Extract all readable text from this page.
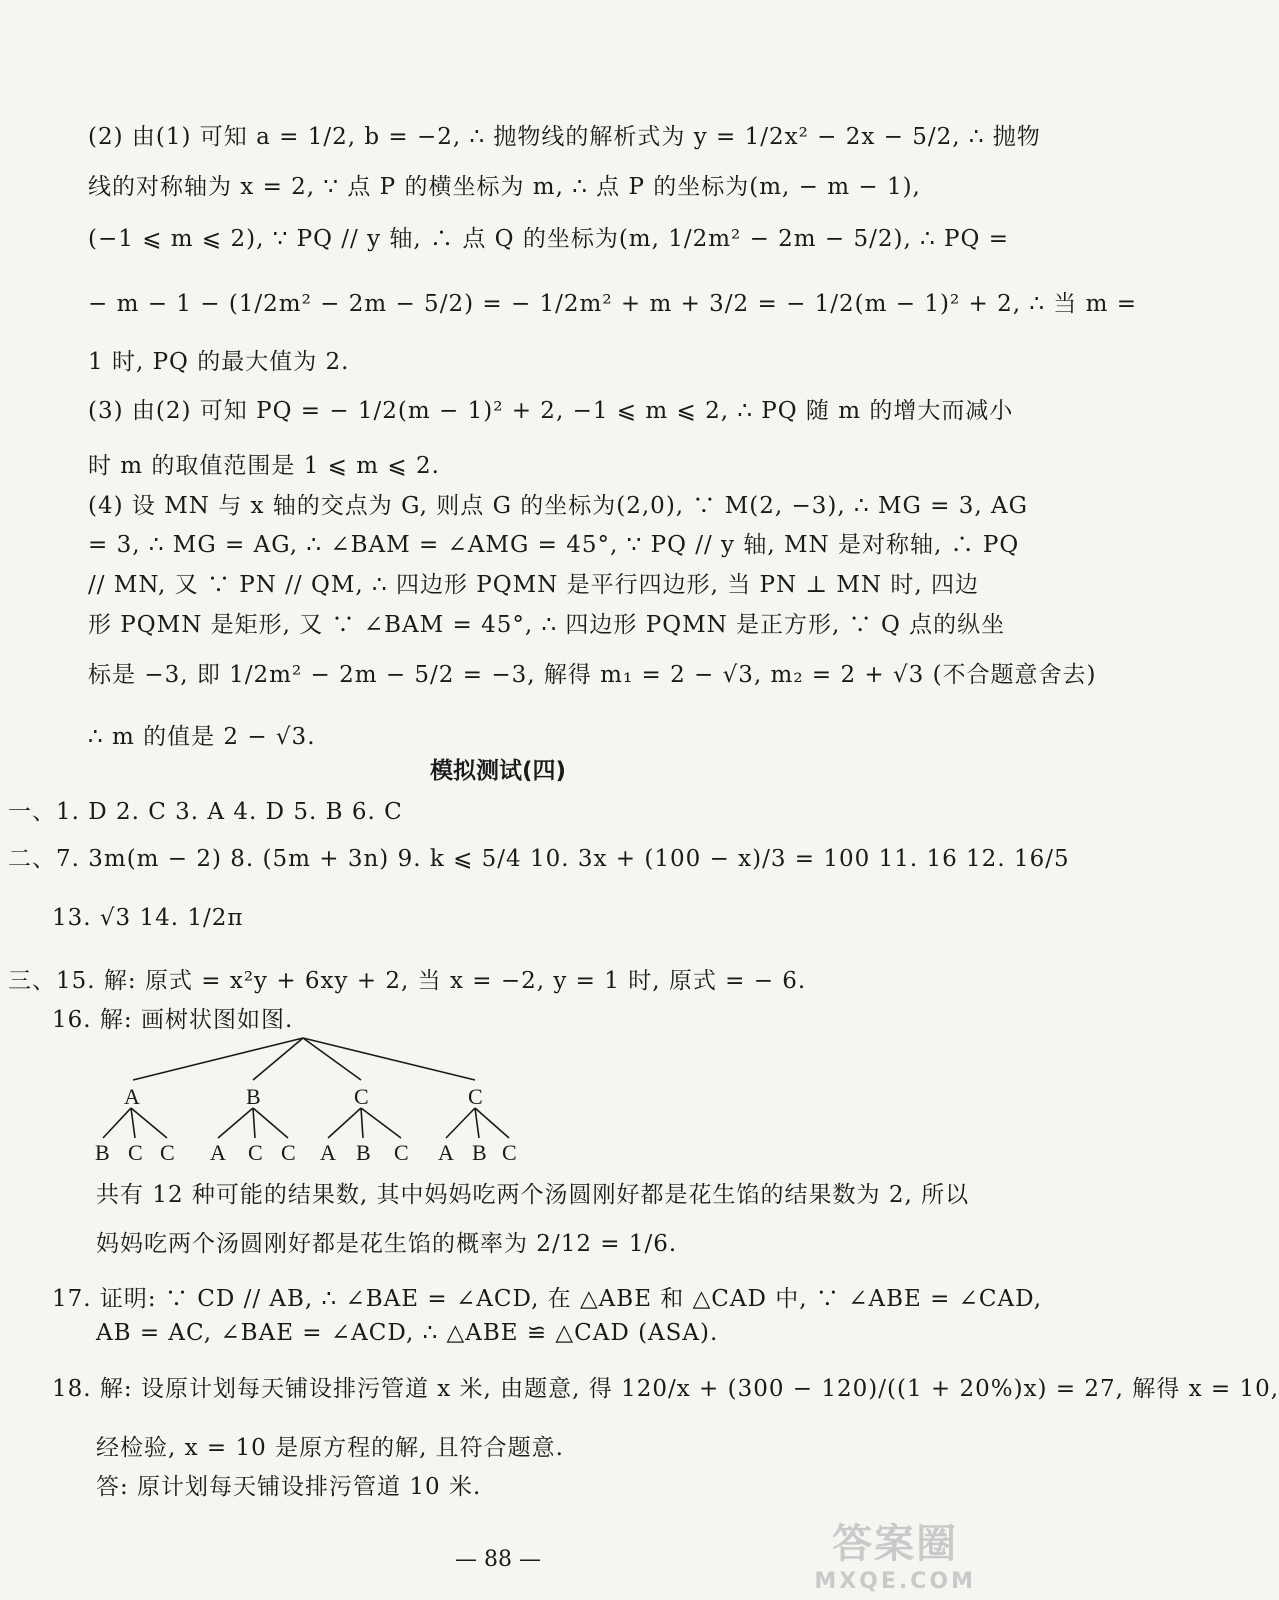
(2) 由(1) 可知 a = 1/2, b = −2, ∴ 抛物线的解析式为 y = 1/2x² − 2x − 5/2, ∴ 抛物
线的对称轴为 x = 2, ∵ 点 P 的横坐标为 m, ∴ 点 P 的坐标为(m, − m − 1),
(−1 ⩽ m ⩽ 2), ∵ PQ // y 轴, ∴ 点 Q 的坐标为(m, 1/2m² − 2m − 5/2), ∴ PQ =
− m − 1 − (1/2m² − 2m − 5/2) = − 1/2m² + m + 3/2 = − 1/2(m − 1)² + 2, ∴ 当 m =
1 时, PQ 的最大值为 2.
(3) 由(2) 可知 PQ = − 1/2(m − 1)² + 2, −1 ⩽ m ⩽ 2, ∴ PQ 随 m 的增大而减小
时 m 的取值范围是 1 ⩽ m ⩽ 2.
(4) 设 MN 与 x 轴的交点为 G, 则点 G 的坐标为(2,0), ∵ M(2, −3), ∴ MG = 3, AG
= 3, ∴ MG = AG, ∴ ∠BAM = ∠AMG = 45°, ∵ PQ // y 轴, MN 是对称轴, ∴ PQ
// MN, 又 ∵ PN // QM, ∴ 四边形 PQMN 是平行四边形, 当 PN ⊥ MN 时, 四边
形 PQMN 是矩形, 又 ∵ ∠BAM = 45°, ∴ 四边形 PQMN 是正方形, ∵ Q 点的纵坐
标是 −3, 即 1/2m² − 2m − 5/2 = −3, 解得 m₁ = 2 − √3, m₂ = 2 + √3 (不合题意舍去)
∴ m 的值是 2 − √3.
模拟测试(四)
一、1. D 2. C 3. A 4. D 5. B 6. C
二、7. 3m(m − 2) 8. (5m + 3n) 9. k ⩽ 5/4 10. 3x + (100 − x)/3 = 100 11. 16 12. 16/5
13. √3 14. 1/2π
三、15. 解: 原式 = x²y + 6xy + 2, 当 x = −2, y = 1 时, 原式 = − 6.
16. 解: 画树状图如图.
A	B	C	C
B C C A C C A B C A B C
共有 12 种可能的结果数, 其中妈妈吃两个汤圆刚好都是花生馅的结果数为 2, 所以
妈妈吃两个汤圆刚好都是花生馅的概率为 2/12 = 1/6.
17. 证明: ∵ CD // AB, ∴ ∠BAE = ∠ACD, 在 △ABE 和 △CAD 中, ∵ ∠ABE = ∠CAD,
AB = AC, ∠BAE = ∠ACD, ∴ △ABE ≌ △CAD (ASA).
18. 解: 设原计划每天铺设排污管道 x 米, 由题意, 得 120/x + (300 − 120)/((1 + 20%)x) = 27, 解得 x = 10,
经检验, x = 10 是原方程的解, 且符合题意.
答: 原计划每天铺设排污管道 10 米.
— 88 —	答案圈
MXQE.COM
